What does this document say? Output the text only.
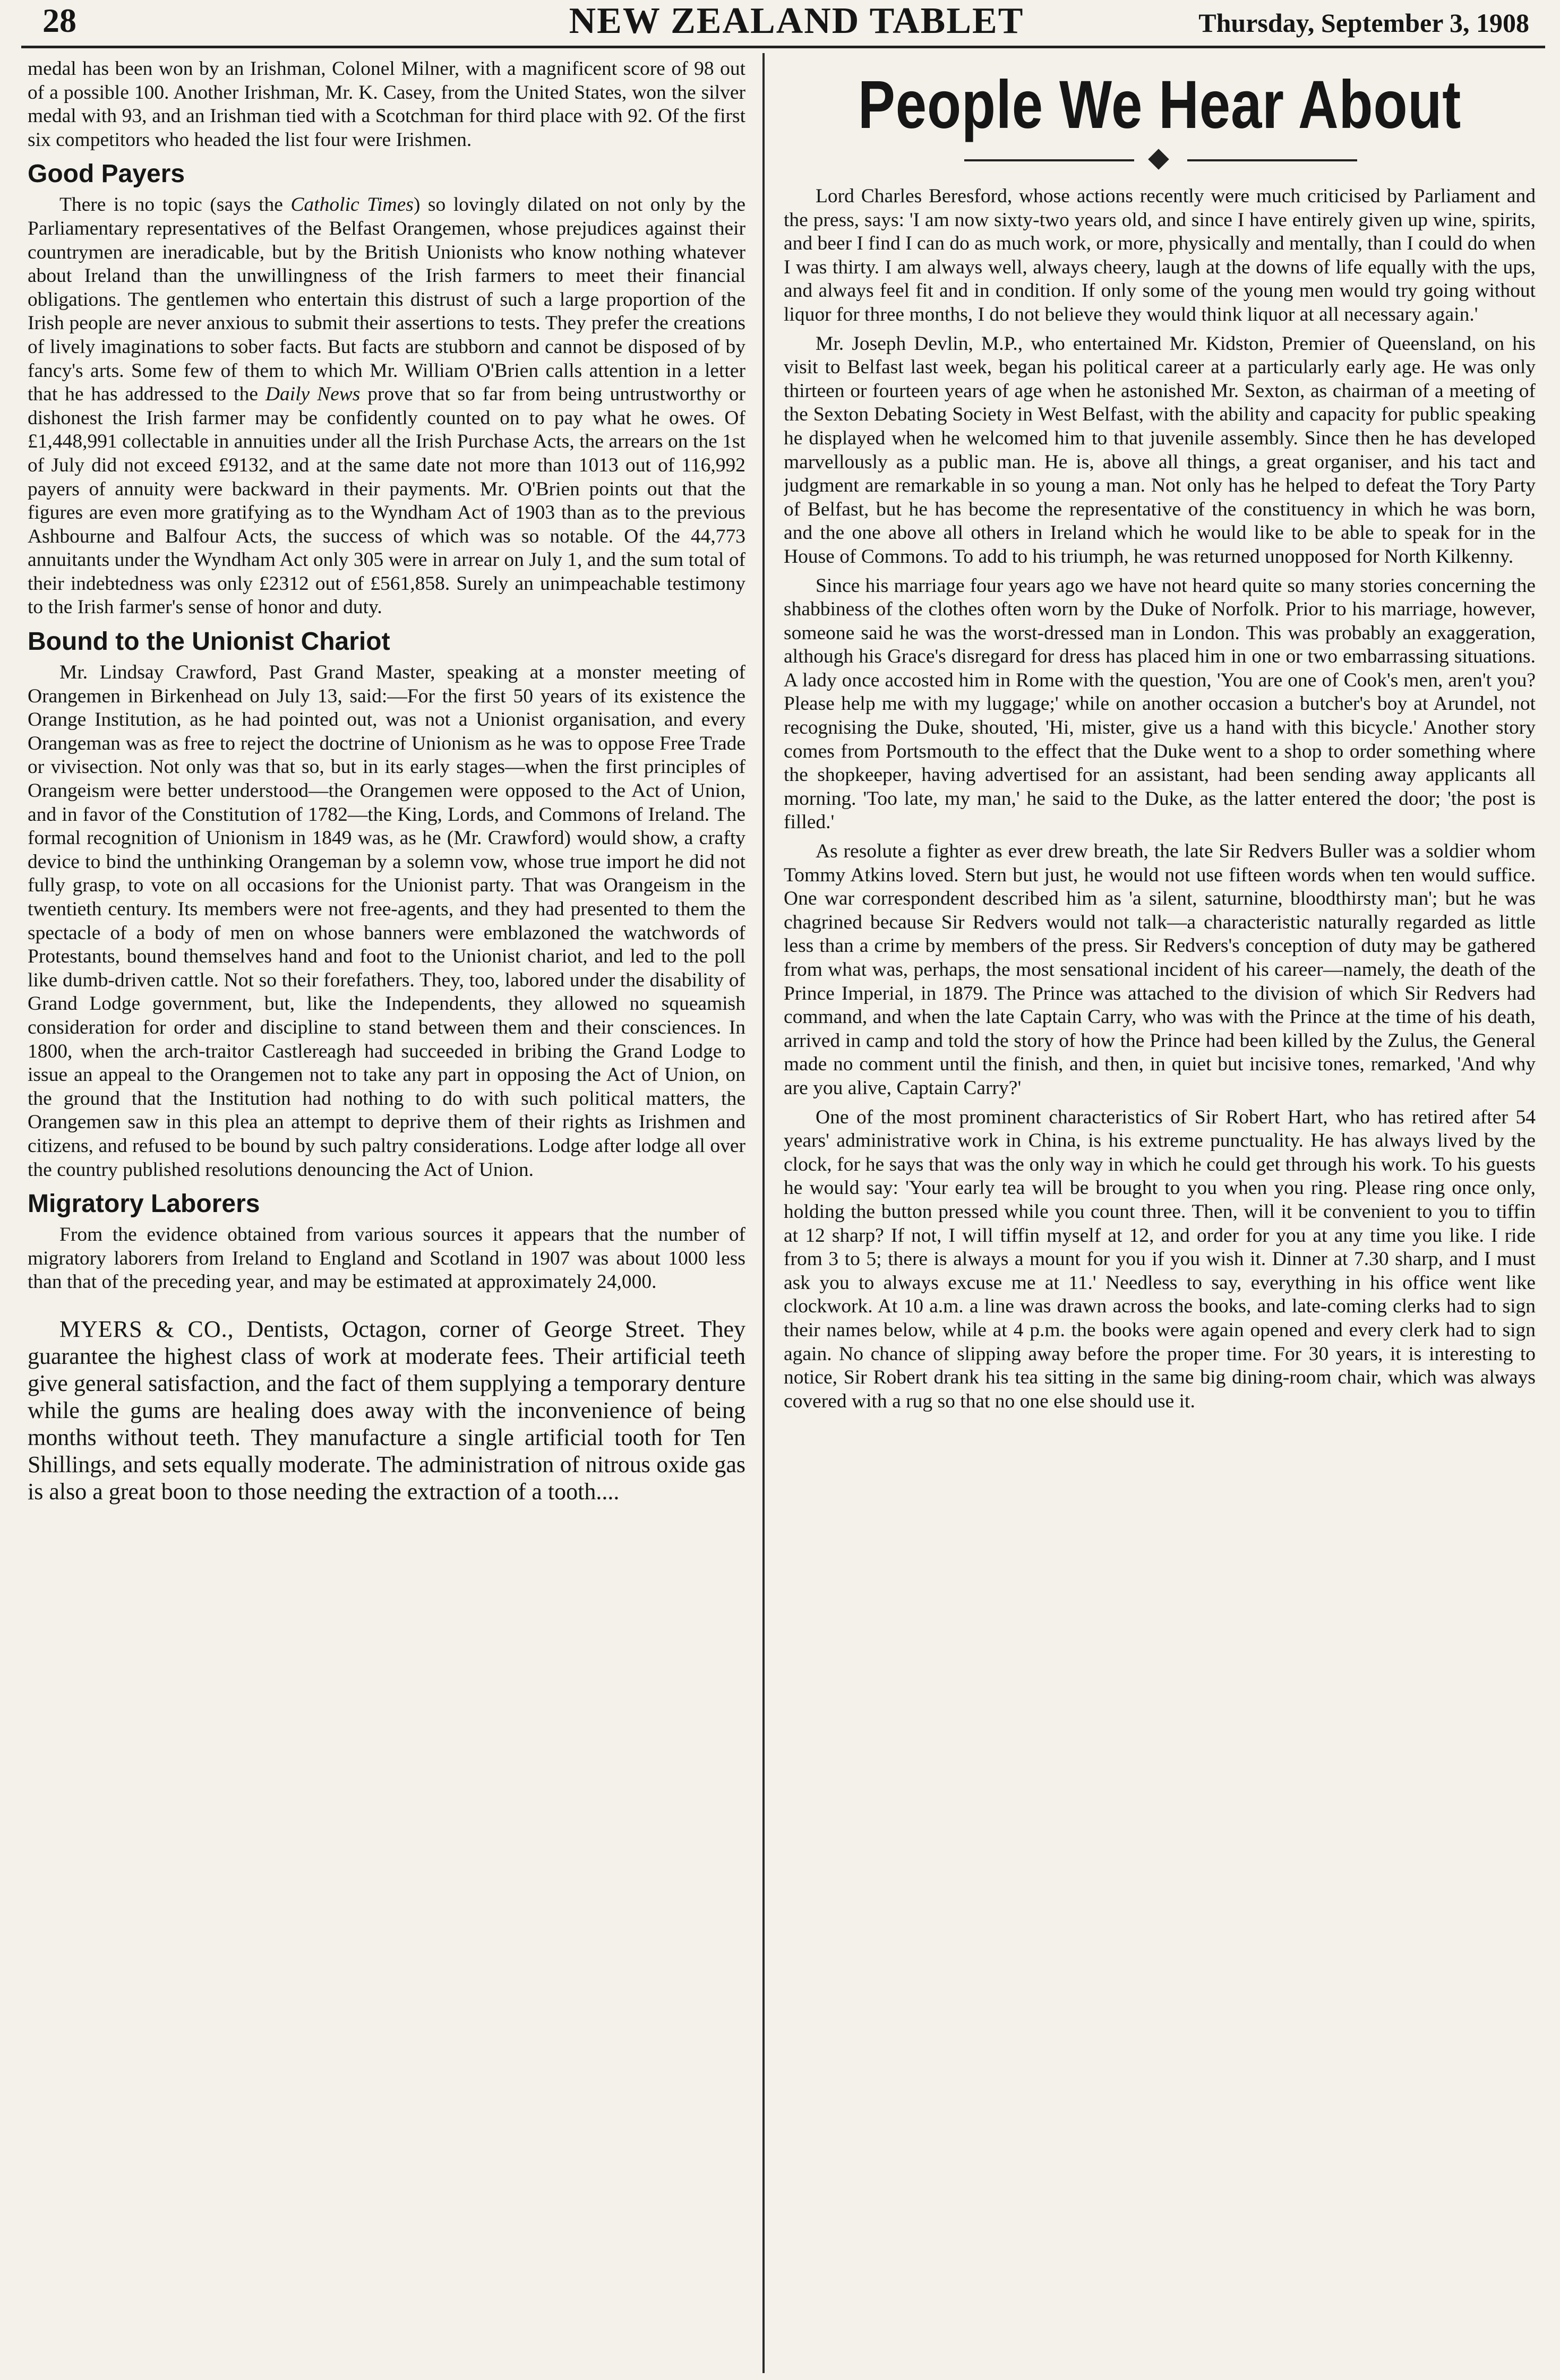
28	NEW ZEALAND TABLET	Thursday, September 3, 1908

medal has been won by an Irishman, Colonel Milner, with a magnificent score of 98 out of a possible 100. Another Irishman, Mr. K. Casey, from the United States, won the silver medal with 93, and an Irishman tied with a Scotchman for third place with 92. Of the first six competitors who headed the list four were Irishmen.

Good Payers

There is no topic (says the Catholic Times) so lovingly dilated on not only by the Parliamentary representatives of the Belfast Orangemen, whose prejudices against their countrymen are ineradicable, but by the British Unionists who know nothing whatever about Ireland than the unwillingness of the Irish farmers to meet their financial obligations. The gentlemen who entertain this distrust of such a large proportion of the Irish people are never anxious to submit their assertions to tests. They prefer the creations of lively imaginations to sober facts. But facts are stubborn and cannot be disposed of by fancy's arts. Some few of them to which Mr. William O'Brien calls attention in a letter that he has addressed to the Daily News prove that so far from being untrustworthy or dishonest the Irish farmer may be confidently counted on to pay what he owes. Of £1,448,991 collectable in annuities under all the Irish Purchase Acts, the arrears on the 1st of July did not exceed £9132, and at the same date not more than 1013 out of 116,992 payers of annuity were backward in their payments. Mr. O'Brien points out that the figures are even more gratifying as to the Wyndham Act of 1903 than as to the previous Ashbourne and Balfour Acts, the success of which was so notable. Of the 44,773 annuitants under the Wyndham Act only 305 were in arrear on July 1, and the sum total of their indebtedness was only £2312 out of £561,858. Surely an unimpeachable testimony to the Irish farmer's sense of honor and duty.

Bound to the Unionist Chariot

Mr. Lindsay Crawford, Past Grand Master, speaking at a monster meeting of Orangemen in Birkenhead on July 13, said:—For the first 50 years of its existence the Orange Institution, as he had pointed out, was not a Unionist organisation, and every Orangeman was as free to reject the doctrine of Unionism as he was to oppose Free Trade or vivisection. Not only was that so, but in its early stages—when the first principles of Orangeism were better understood—the Orangemen were opposed to the Act of Union, and in favor of the Constitution of 1782—the King, Lords, and Commons of Ireland. The formal recognition of Unionism in 1849 was, as he (Mr. Crawford) would show, a crafty device to bind the unthinking Orangeman by a solemn vow, whose true import he did not fully grasp, to vote on all occasions for the Unionist party. That was Orangeism in the twentieth century. Its members were not free-agents, and they had presented to them the spectacle of a body of men on whose banners were emblazoned the watchwords of Protestants, bound themselves hand and foot to the Unionist chariot, and led to the poll like dumb-driven cattle. Not so their forefathers. They, too, labored under the disability of Grand Lodge government, but, like the Independents, they allowed no squeamish consideration for order and discipline to stand between them and their consciences. In 1800, when the arch-traitor Castlereagh had succeeded in bribing the Grand Lodge to issue an appeal to the Orangemen not to take any part in opposing the Act of Union, on the ground that the Institution had nothing to do with such political matters, the Orangemen saw in this plea an attempt to deprive them of their rights as Irishmen and citizens, and refused to be bound by such paltry considerations. Lodge after lodge all over the country published resolutions denouncing the Act of Union.

Migratory Laborers

From the evidence obtained from various sources it appears that the number of migratory laborers from Ireland to England and Scotland in 1907 was about 1000 less than that of the preceding year, and may be estimated at approximately 24,000.

MYERS & CO., Dentists, Octagon, corner of George Street. They guarantee the highest class of work at moderate fees. Their artificial teeth give general satisfaction, and the fact of them supplying a temporary denture while the gums are healing does away with the inconvenience of being months without teeth. They manufacture a single artificial tooth for Ten Shillings, and sets equally moderate. The administration of nitrous oxide gas is also a great boon to those needing the extraction of a tooth....

People We Hear About

Lord Charles Beresford, whose actions recently were much criticised by Parliament and the press, says: 'I am now sixty-two years old, and since I have entirely given up wine, spirits, and beer I find I can do as much work, or more, physically and mentally, than I could do when I was thirty. I am always well, always cheery, laugh at the downs of life equally with the ups, and always feel fit and in condition. If only some of the young men would try going without liquor for three months, I do not believe they would think liquor at all necessary again.'

Mr. Joseph Devlin, M.P., who entertained Mr. Kidston, Premier of Queensland, on his visit to Belfast last week, began his political career at a particularly early age. He was only thirteen or fourteen years of age when he astonished Mr. Sexton, as chairman of a meeting of the Sexton Debating Society in West Belfast, with the ability and capacity for public speaking he displayed when he welcomed him to that juvenile assembly. Since then he has developed marvellously as a public man. He is, above all things, a great organiser, and his tact and judgment are remarkable in so young a man. Not only has he helped to defeat the Tory Party of Belfast, but he has become the representative of the constituency in which he was born, and the one above all others in Ireland which he would like to be able to speak for in the House of Commons. To add to his triumph, he was returned unopposed for North Kilkenny.

Since his marriage four years ago we have not heard quite so many stories concerning the shabbiness of the clothes often worn by the Duke of Norfolk. Prior to his marriage, however, someone said he was the worst-dressed man in London. This was probably an exaggeration, although his Grace's disregard for dress has placed him in one or two embarrassing situations. A lady once accosted him in Rome with the question, 'You are one of Cook's men, aren't you? Please help me with my luggage;' while on another occasion a butcher's boy at Arundel, not recognising the Duke, shouted, 'Hi, mister, give us a hand with this bicycle.' Another story comes from Portsmouth to the effect that the Duke went to a shop to order something where the shopkeeper, having advertised for an assistant, had been sending away applicants all morning. 'Too late, my man,' he said to the Duke, as the latter entered the door; 'the post is filled.'

As resolute a fighter as ever drew breath, the late Sir Redvers Buller was a soldier whom Tommy Atkins loved. Stern but just, he would not use fifteen words when ten would suffice. One war correspondent described him as 'a silent, saturnine, bloodthirsty man'; but he was chagrined because Sir Redvers would not talk—a characteristic naturally regarded as little less than a crime by members of the press. Sir Redvers's conception of duty may be gathered from what was, perhaps, the most sensational incident of his career—namely, the death of the Prince Imperial, in 1879. The Prince was attached to the division of which Sir Redvers had command, and when the late Captain Carry, who was with the Prince at the time of his death, arrived in camp and told the story of how the Prince had been killed by the Zulus, the General made no comment until the finish, and then, in quiet but incisive tones, remarked, 'And why are you alive, Captain Carry?'

One of the most prominent characteristics of Sir Robert Hart, who has retired after 54 years' administrative work in China, is his extreme punctuality. He has always lived by the clock, for he says that was the only way in which he could get through his work. To his guests he would say: 'Your early tea will be brought to you when you ring. Please ring once only, holding the button pressed while you count three. Then, will it be convenient to you to tiffin at 12 sharp? If not, I will tiffin myself at 12, and order for you at any time you like. I ride from 3 to 5; there is always a mount for you if you wish it. Dinner at 7.30 sharp, and I must ask you to always excuse me at 11.' Needless to say, everything in his office went like clockwork. At 10 a.m. a line was drawn across the books, and late-coming clerks had to sign their names below, while at 4 p.m. the books were again opened and every clerk had to sign again. No chance of slipping away before the proper time. For 30 years, it is interesting to notice, Sir Robert drank his tea sitting in the same big dining-room chair, which was always covered with a rug so that no one else should use it.
